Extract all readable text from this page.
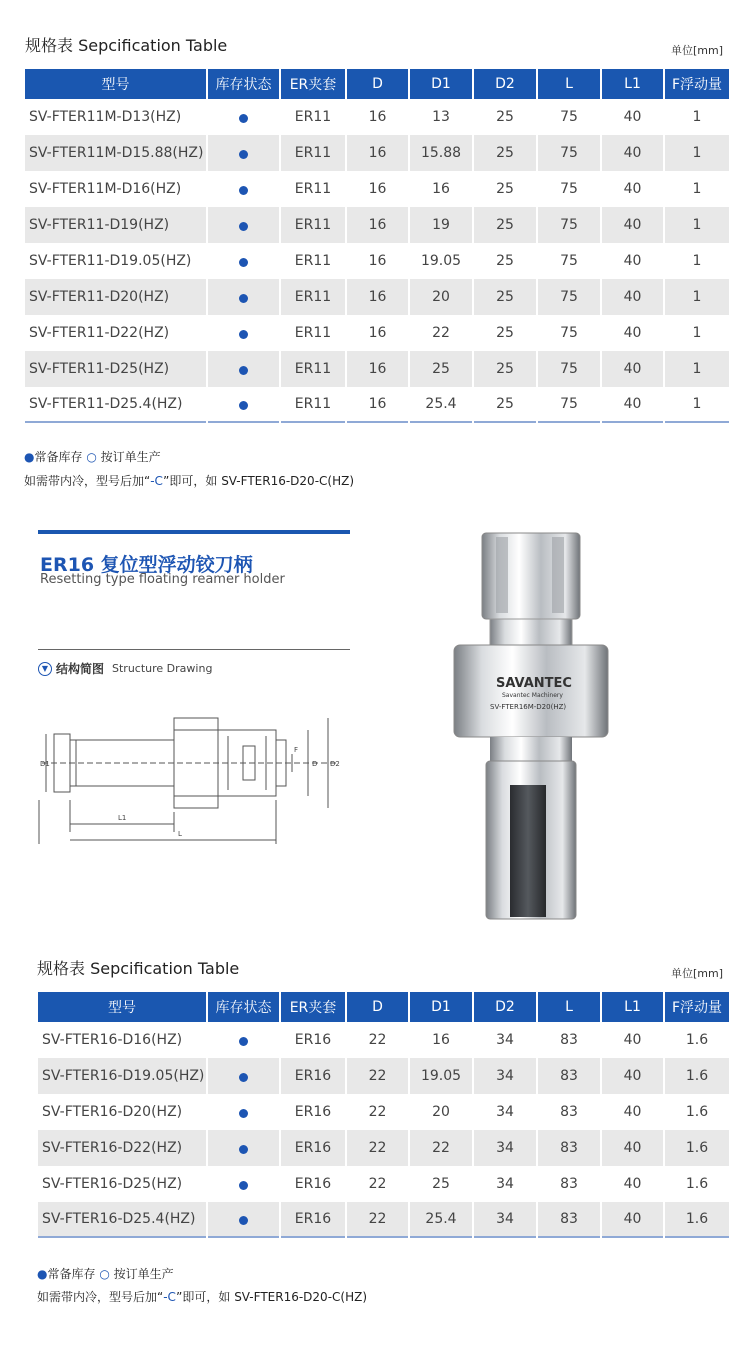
规格表 Sepcification Table	单位[mm]
型号	库存状态	ER夹套	D	D1	D2	L	L1	F浮动量
SV-FTER11M-D13(HZ)		ER11	16	13	25	75	40	1
SV-FTER11M-D15.88(HZ)		ER11	16	15.88	25	75	40	1
SV-FTER11M-D16(HZ)		ER11	16	16	25	75	40	1
SV-FTER11-D19(HZ)		ER11	16	19	25	75	40	1
SV-FTER11-D19.05(HZ)		ER11	16	19.05	25	75	40	1
SV-FTER11-D20(HZ)		ER11	16	20	25	75	40	1
SV-FTER11-D22(HZ)		ER11	16	22	25	75	40	1
SV-FTER11-D25(HZ)		ER11	16	25	25	75	40	1
SV-FTER11-D25.4(HZ)		ER11	16	25.4	25	75	40	1
●常备库存 ○ 按订单生产
如需带内冷，型号后加“-C”即可，如 SV-FTER16-D20-C(HZ)
ER16 复位型浮动铰刀柄
Resetting type floating reamer holder
▼ 结构简图 Structure Drawing
D1	D D2
L1
L
F
SAVANTEC
Savantec Machinery
SV-FTER16M-D20(HZ)
规格表 Sepcification Table	单位[mm]
型号	库存状态	ER夹套	D	D1	D2	L	L1	F浮动量
SV-FTER16-D16(HZ)		ER16	22	16	34	83	40	1.6
SV-FTER16-D19.05(HZ)		ER16	22	19.05	34	83	40	1.6
SV-FTER16-D20(HZ)		ER16	22	20	34	83	40	1.6
SV-FTER16-D22(HZ)		ER16	22	22	34	83	40	1.6
SV-FTER16-D25(HZ)		ER16	22	25	34	83	40	1.6
SV-FTER16-D25.4(HZ)		ER16	22	25.4	34	83	40	1.6
●常备库存 ○ 按订单生产
如需带内冷，型号后加“-C”即可，如 SV-FTER16-D20-C(HZ)
